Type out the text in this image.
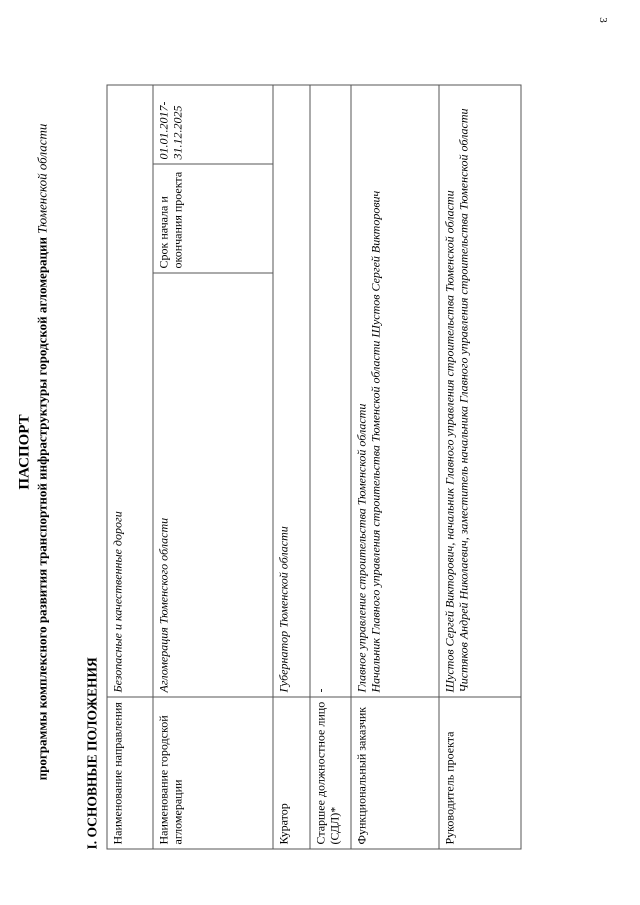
3
ПАСПОРТ программы комплексного развития транспортной инфраструктуры городской агломерации Тюменской области
I. ОСНОВНЫЕ ПОЛОЖЕНИЯ Наименование направления	Безопасные и качественные дороги		
Наименование городской агломерации	Агломерация Тюменского области	Срок начала и окончания проекта	01.01.2017-31.12.2025
Куратор	Губернатор Тюменской области		
Старшее должностное лицо (СДЛ)*	-		
Функциональный заказчик	Главное управление строительства Тюменской области Начальник Главного управления строительства Тюменской области Шустов Сергей Викторович		

Руководитель проекта	Шустов Сергей Викторович, начальник Главного управления строительства Тюменской области Чистяков Андрей Николаевич, заместитель начальника Главного управления строительства Тюменской области		
